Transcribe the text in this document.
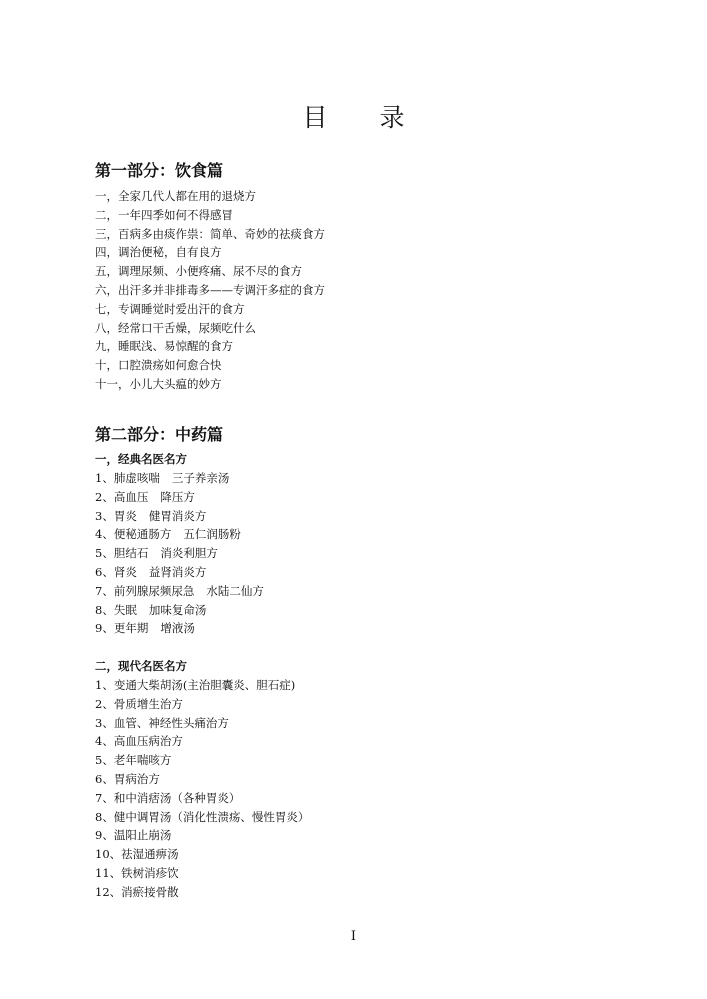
目 录
第一部分：饮食篇
一，全家几代人都在用的退烧方
二，一年四季如何不得感冒
三，百病多由痰作祟：简单、奇妙的祛痰食方
四，调治便秘，自有良方
五，调理尿频、小便疼痛、尿不尽的食方
六，出汗多并非排毒多——专调汗多症的食方
七，专调睡觉时爱出汗的食方
八，经常口干舌燥，尿频吃什么
九，睡眠浅、易惊醒的食方
十，口腔溃疡如何愈合快
十一，小儿大头瘟的妙方
第二部分：中药篇
一，经典名医名方
1、肺虚咳喘 三子养亲汤
2、高血压 降压方
3、胃炎 健胃消炎方
4、便秘通肠方 五仁润肠粉
5、胆结石 消炎利胆方
6、肾炎 益肾消炎方
7、前列腺尿频尿急 水陆二仙方
8、失眠 加味复命汤
9、更年期 增液汤
二，现代名医名方
1、变通大柴胡汤(主治胆囊炎、胆石症)
2、骨质增生治方
3、血管、神经性头痛治方
4、高血压病治方
5、老年喘咳方
6、胃病治方
7、和中消痞汤（各种胃炎）
8、健中调胃汤（消化性溃疡、慢性胃炎）
9、温阳止崩汤
10、祛湿通痹汤
11、铁树消疹饮
12、消瘀接骨散
I
